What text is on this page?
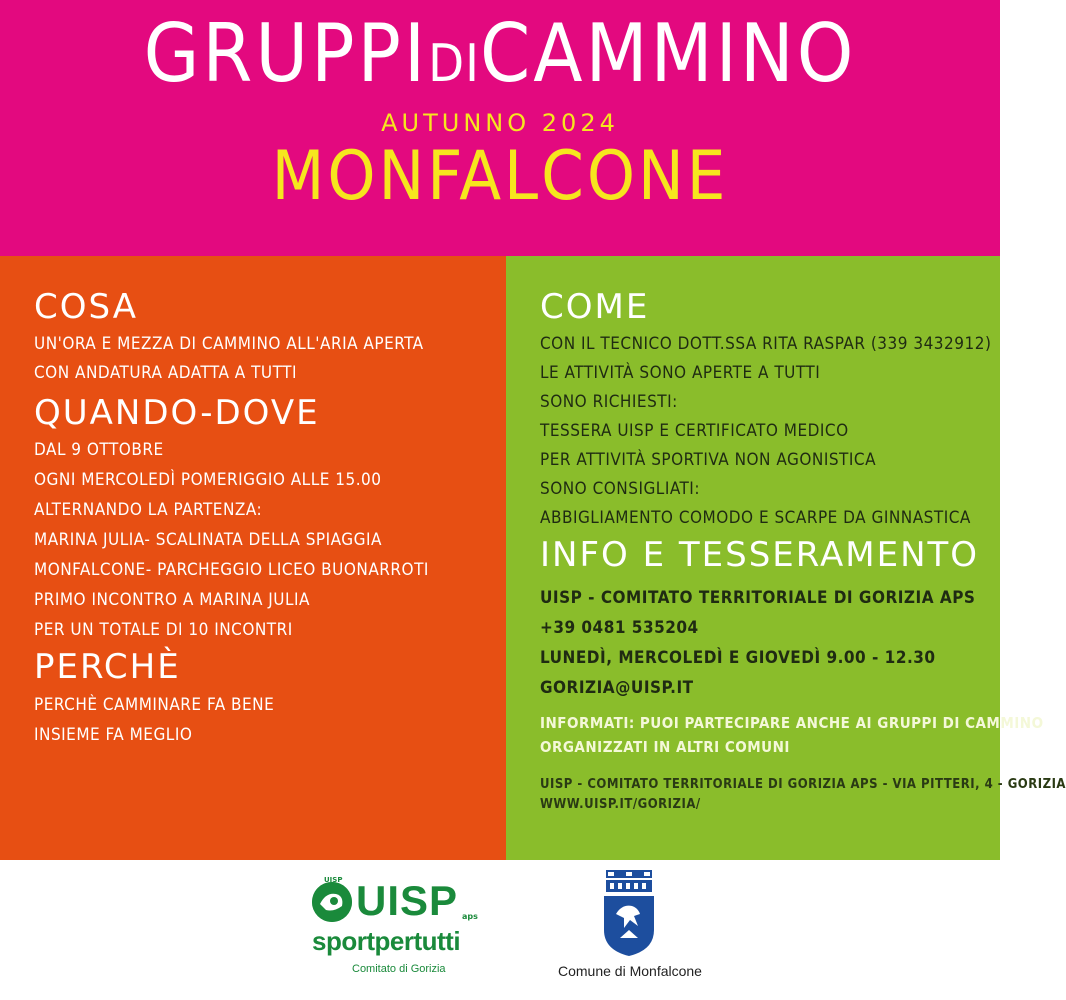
GRUPPIDICAMMINO
AUTUNNO 2024
MONFALCONE
COSA
UN'ORA E MEZZA DI CAMMINO ALL'ARIA APERTA
CON ANDATURA ADATTA A TUTTI
QUANDO-DOVE
DAL 9 OTTOBRE
OGNI MERCOLEDÌ POMERIGGIO ALLE 15.00
ALTERNANDO LA PARTENZA:
MARINA JULIA- SCALINATA DELLA SPIAGGIA
MONFALCONE- PARCHEGGIO LICEO BUONARROTI
PRIMO INCONTRO A MARINA JULIA
PER UN TOTALE DI 10 INCONTRI
PERCHÈ
PERCHÈ CAMMINARE FA BENE
INSIEME FA MEGLIO
COME
CON IL TECNICO DOTT.SSA RITA RASPAR (339 3432912)
LE ATTIVITÀ SONO APERTE A TUTTI
SONO RICHIESTI:
TESSERA UISP E CERTIFICATO MEDICO
PER ATTIVITÀ SPORTIVA NON AGONISTICA
SONO CONSIGLIATI:
ABBIGLIAMENTO COMODO E SCARPE DA GINNASTICA
INFO E TESSERAMENTO
UISP - COMITATO TERRITORIALE DI GORIZIA APS
+39 0481 535204
LUNEDÌ, MERCOLEDÌ E GIOVEDÌ 9.00 - 12.30
GORIZIA@UISP.IT
INFORMATI: PUOI PARTECIPARE ANCHE AI GRUPPI DI CAMMINO
ORGANIZZATI IN ALTRI COMUNI
UISP - COMITATO TERRITORIALE DI GORIZIA APS - VIA PITTERI, 4 - GORIZIA
WWW.UISP.IT/GORIZIA/
UISP UISP aps
sportpertutti
Comitato di Gorizia	Comune di Monfalcone
